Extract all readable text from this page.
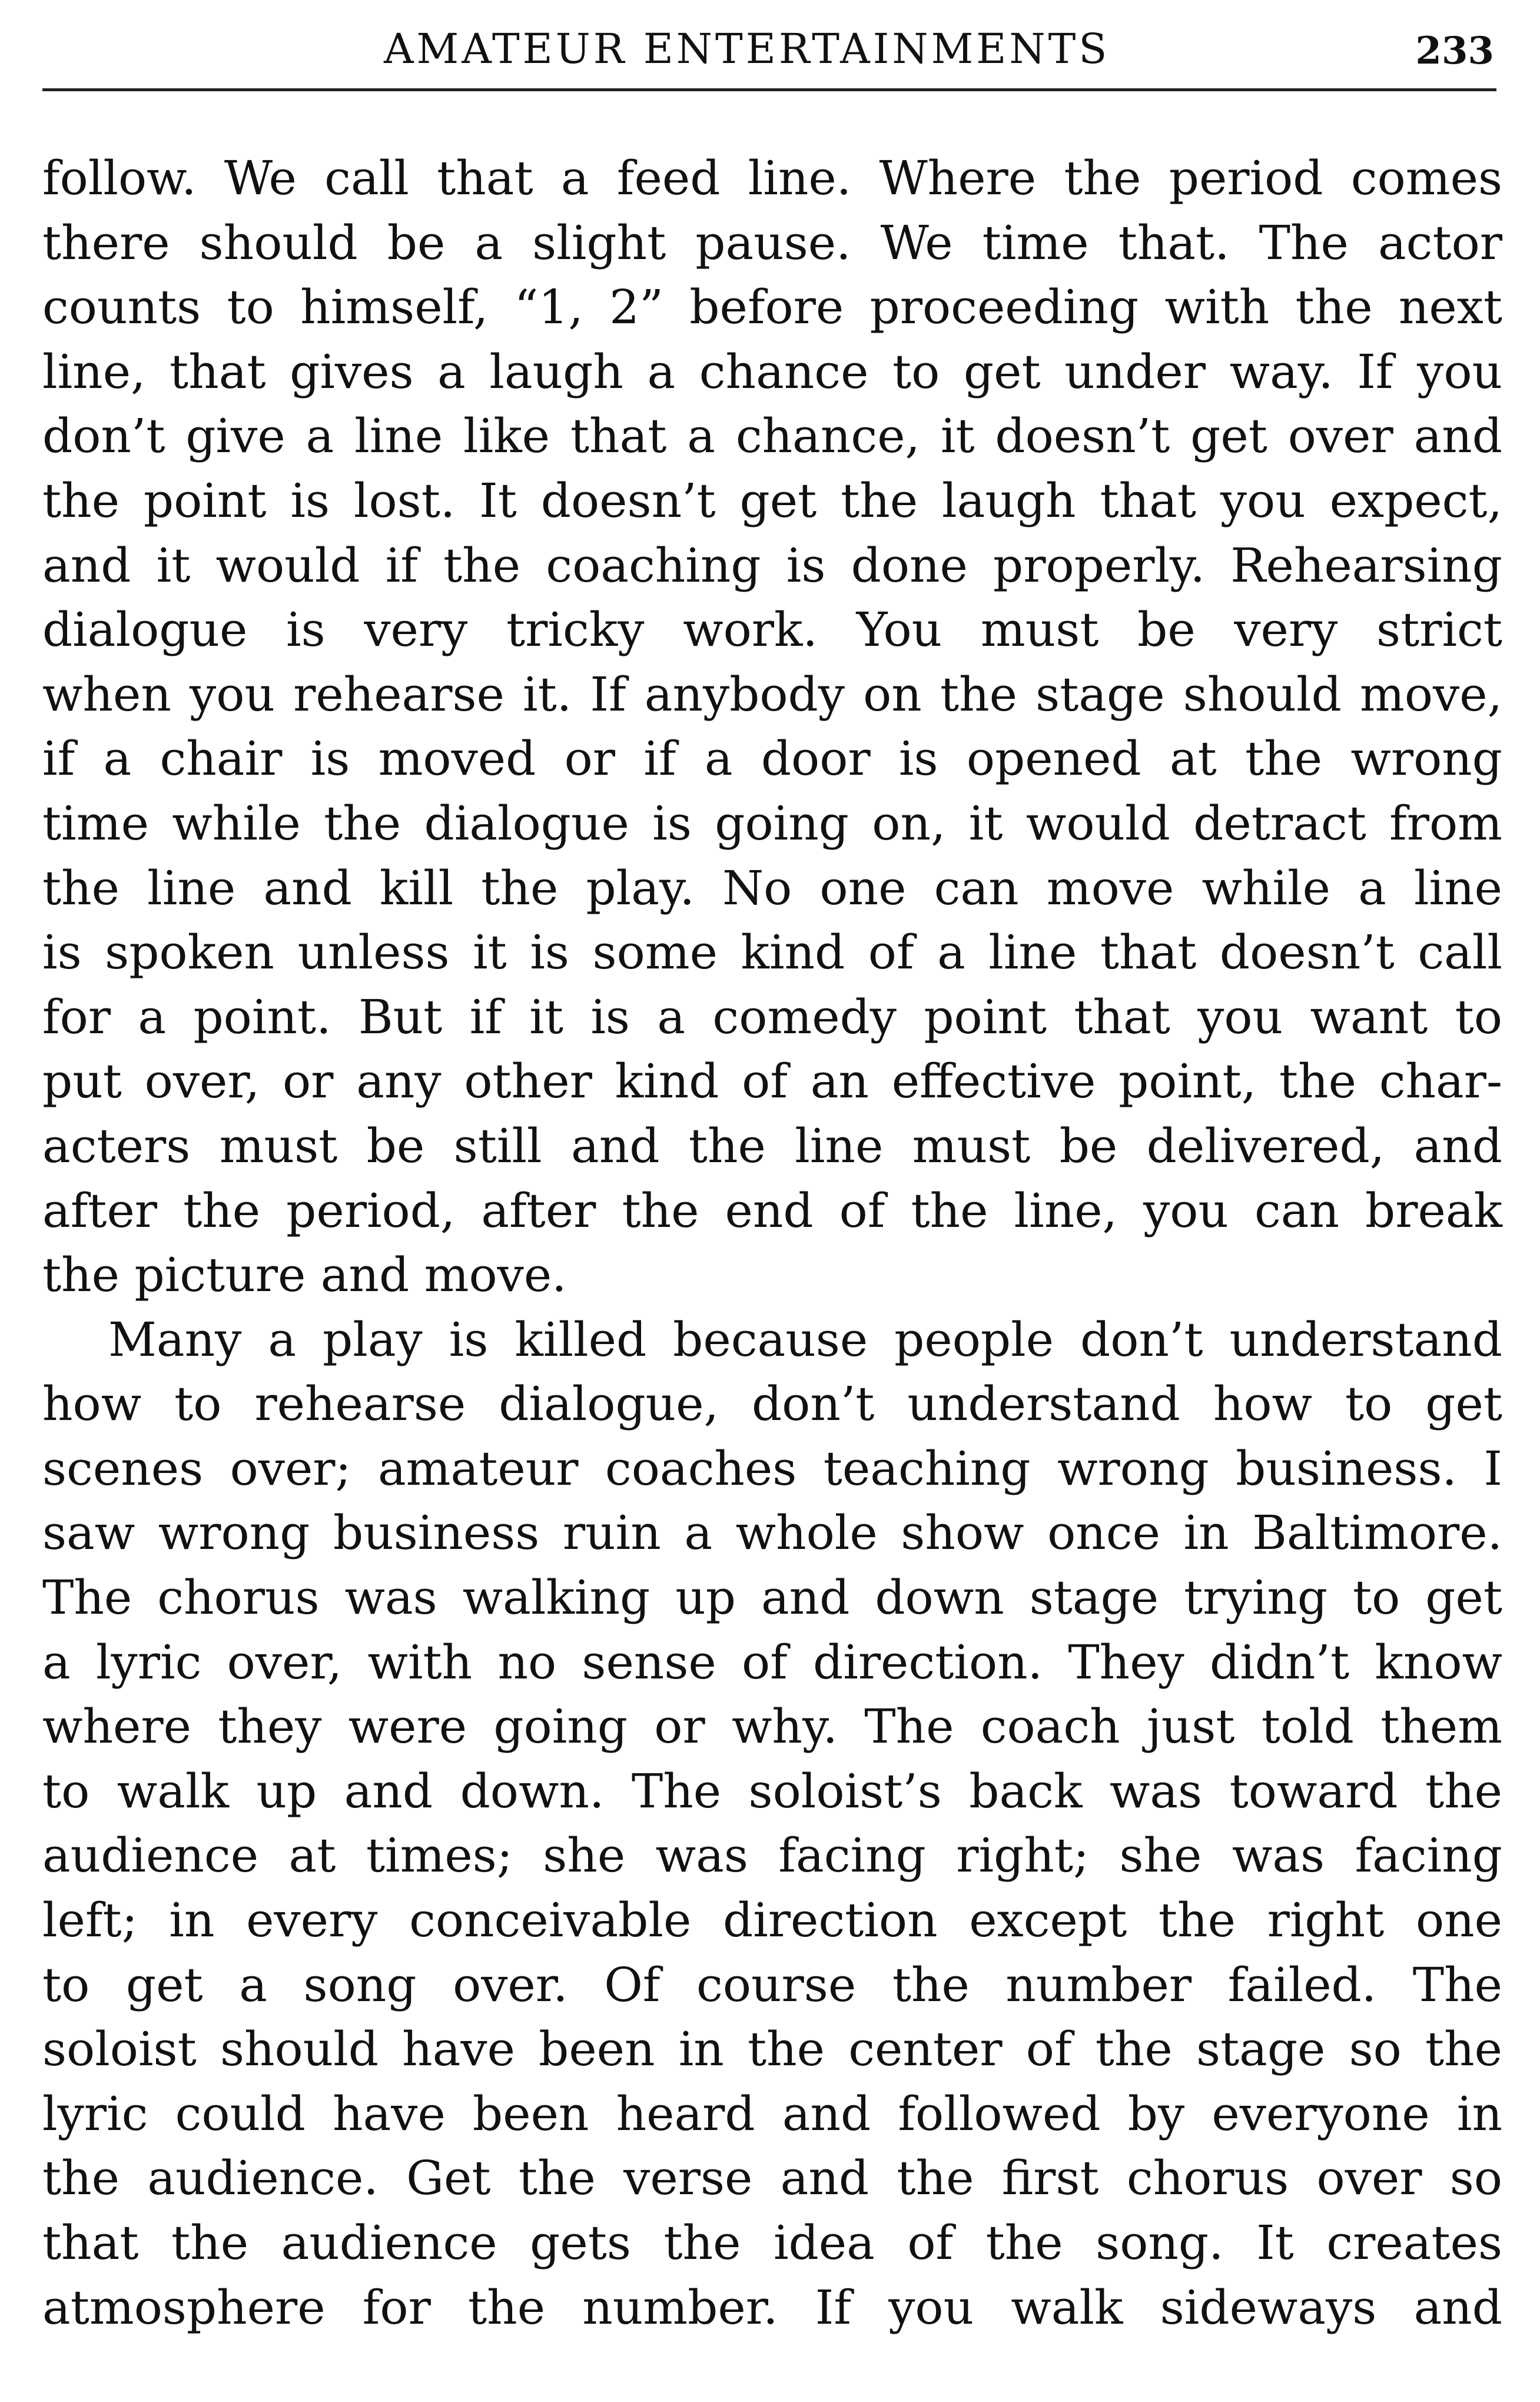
AMATEUR ENTERTAINMENTS	233
follow. We call that a feed line. Where the period comes
there should be a slight pause. We time that. The actor
counts to himself, “1, 2” before proceeding with the next
line, that gives a laugh a chance to get under way. If you
don’t give a line like that a chance, it doesn’t get over and
the point is lost. It doesn’t get the laugh that you expect,
and it would if the coaching is done properly. Rehearsing
dialogue is very tricky work. You must be very strict
when you rehearse it. If anybody on the stage should move,
if a chair is moved or if a door is opened at the wrong
time while the dialogue is going on, it would detract from
the line and kill the play. No one can move while a line
is spoken unless it is some kind of a line that doesn’t call
for a point. But if it is a comedy point that you want to
put over, or any other kind of an effective point, the char-
acters must be still and the line must be delivered, and
after the period, after the end of the line, you can break
the picture and move.
Many a play is killed because people don’t understand
how to rehearse dialogue, don’t understand how to get
scenes over; amateur coaches teaching wrong business. I
saw wrong business ruin a whole show once in Baltimore.
The chorus was walking up and down stage trying to get
a lyric over, with no sense of direction. They didn’t know
where they were going or why. The coach just told them
to walk up and down. The soloist’s back was toward the
audience at times; she was facing right; she was facing
left; in every conceivable direction except the right one
to get a song over. Of course the number failed. The
soloist should have been in the center of the stage so the
lyric could have been heard and followed by everyone in
the audience. Get the verse and the first chorus over so
that the audience gets the idea of the song. It creates
atmosphere for the number. If you walk sideways and
